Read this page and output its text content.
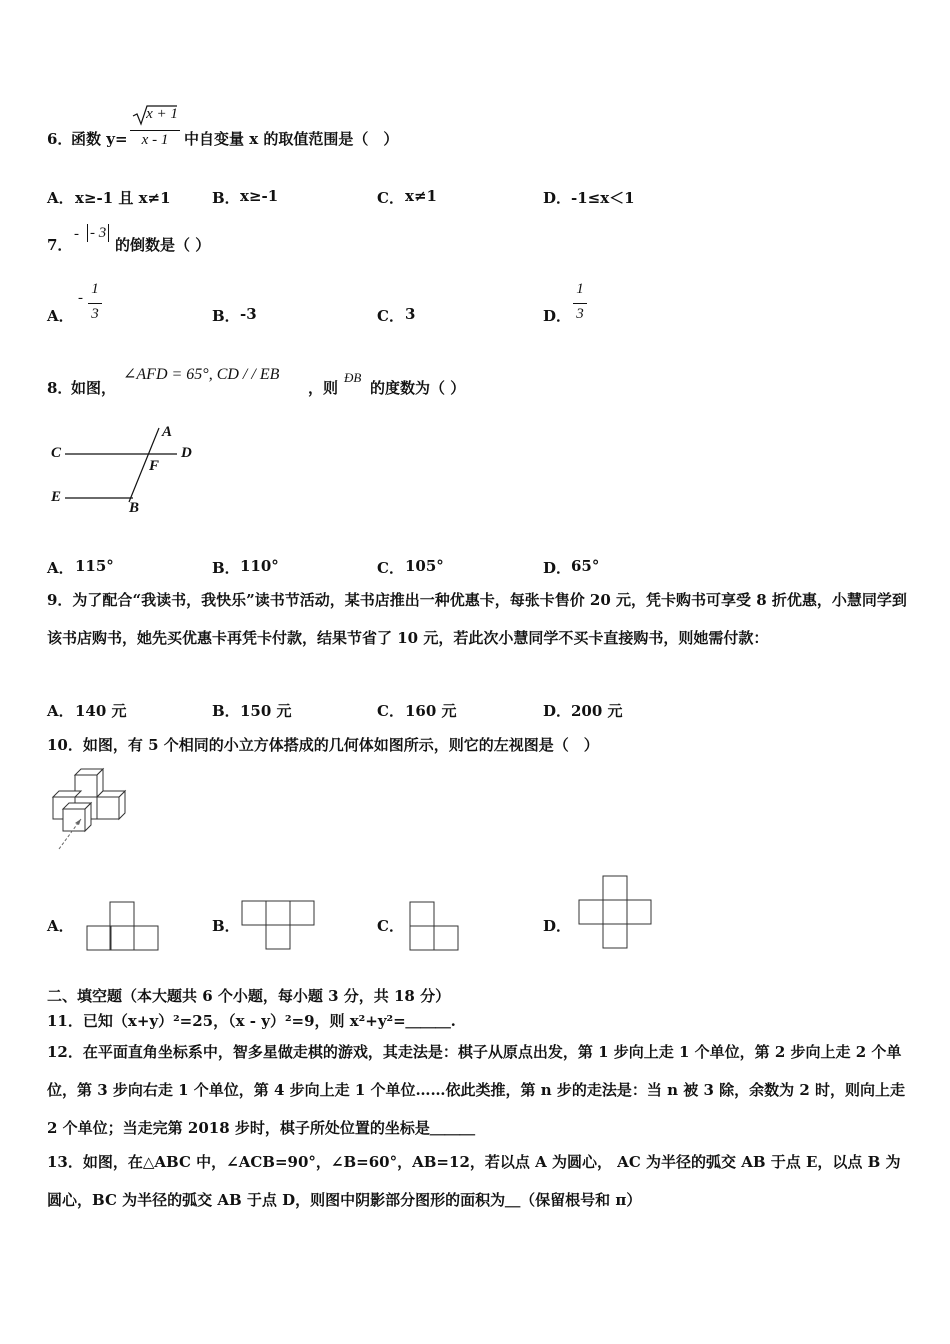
6．
函数 y=
x + 1
x - 1	中自变量 x 的取值范围是（　）
A． x≥-1 且 x≠1	B． x≥-1	C． x≠1	D． -1≤x＜1
7．
- - 3
的倒数是（ ）
A．
-
1
3	B． -3	C． 3	D．
1
3
8．
如图，
∠AFD = 65°, CD / / EB
，则
ÐB
的度数为（ ）
C	D
A
F
E
B
A． 115°	B． 110°	C． 105°	D． 65°
9．为了配合“我读书，我快乐”读书节活动，某书店推出一种优惠卡，每张卡售价 20 元，凭卡购书可享受 8 折优惠，小慧同学到该书店购书，她先买优惠卡再凭卡付款，结果节省了 10 元，若此次小慧同学不买卡直接购书，则她需付款：
A． 140 元	B． 150 元	C． 160 元	D． 200 元
10．如图，有 5 个相同的小立方体搭成的几何体如图所示，则它的左视图是（　）
A．	B．	C．	D．
二、填空题（本大题共 6 个小题，每小题 3 分，共 18 分）
11．已知（x+y）²=25，（x - y）²=9，则 x²+y²=＿＿＿.
12．在平面直角坐标系中，智多星做走棋的游戏，其走法是：棋子从原点出发，第 1 步向上走 1 个单位，第 2 步向上走 2 个单位，第 3 步向右走 1 个单位，第 4 步向上走 1 个单位……依此类推，第 n 步的走法是：当 n 被 3 除，余数为 2 时，则向上走 2 个单位；当走完第 2018 步时，棋子所处位置的坐标是＿＿＿
13．如图，在△ABC 中，∠ACB=90°，∠B=60°，AB=12，若以点 A 为圆心， AC 为半径的弧交 AB 于点 E，以点 B 为圆心，BC 为半径的弧交 AB 于点 D，则图中阴影部分图形的面积为＿（保留根号和 π）
